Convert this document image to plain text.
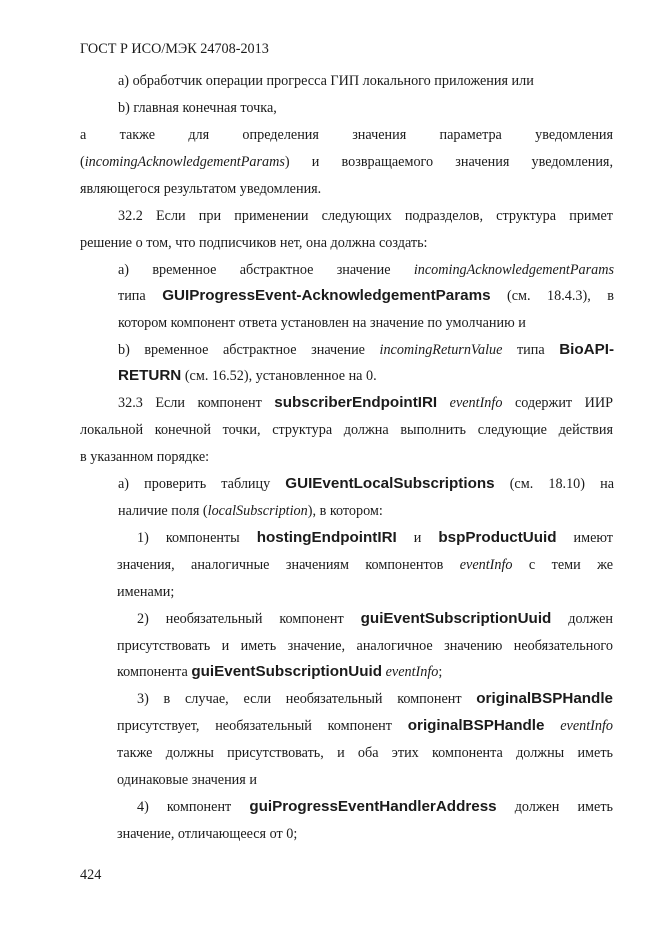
ГОСТ Р ИСО/МЭК 24708-2013
а) обработчик операции прогресса ГИП локального приложения или
b) главная конечная точка,
а также для определения значения параметра уведомления
(incomingAcknowledgementParams) и возвращаемого значения уведомления,
являющегося результатом уведомления.
32.2 Если при применении следующих подразделов, структура примет
решение о том, что подписчиков нет, она должна создать:
а) временное абстрактное значение incomingAcknowledgementParams
типа GUIProgressEvent-AcknowledgementParams (см. 18.4.3), в
котором компонент ответа установлен на значение по умолчанию и
b) временное абстрактное значение incomingReturnValue типа BioAPI-
RETURN (см. 16.52), установленное на 0.
32.3 Если компонент subscriberEndpointIRI eventInfo содержит ИИР
локальной конечной точки, структура должна выполнить следующие действия
в указанном порядке:
а) проверить таблицу GUIEventLocalSubscriptions (см. 18.10) на
наличие поля (localSubscription), в котором:
1) компоненты hostingEndpointIRI и bspProductUuid имеют
значения, аналогичные значениям компонентов eventInfo с теми же
именами;
2) необязательный компонент guiEventSubscriptionUuid должен
присутствовать и иметь значение, аналогичное значению необязательного
компонента guiEventSubscriptionUuid eventInfo;
3) в случае, если необязательный компонент originalBSPHandle
присутствует, необязательный компонент originalBSPHandle eventInfo
также должны присутствовать, и оба этих компонента должны иметь
одинаковые значения и
4) компонент guiProgressEventHandlerAddress должен иметь
значение, отличающееся от 0;
424
